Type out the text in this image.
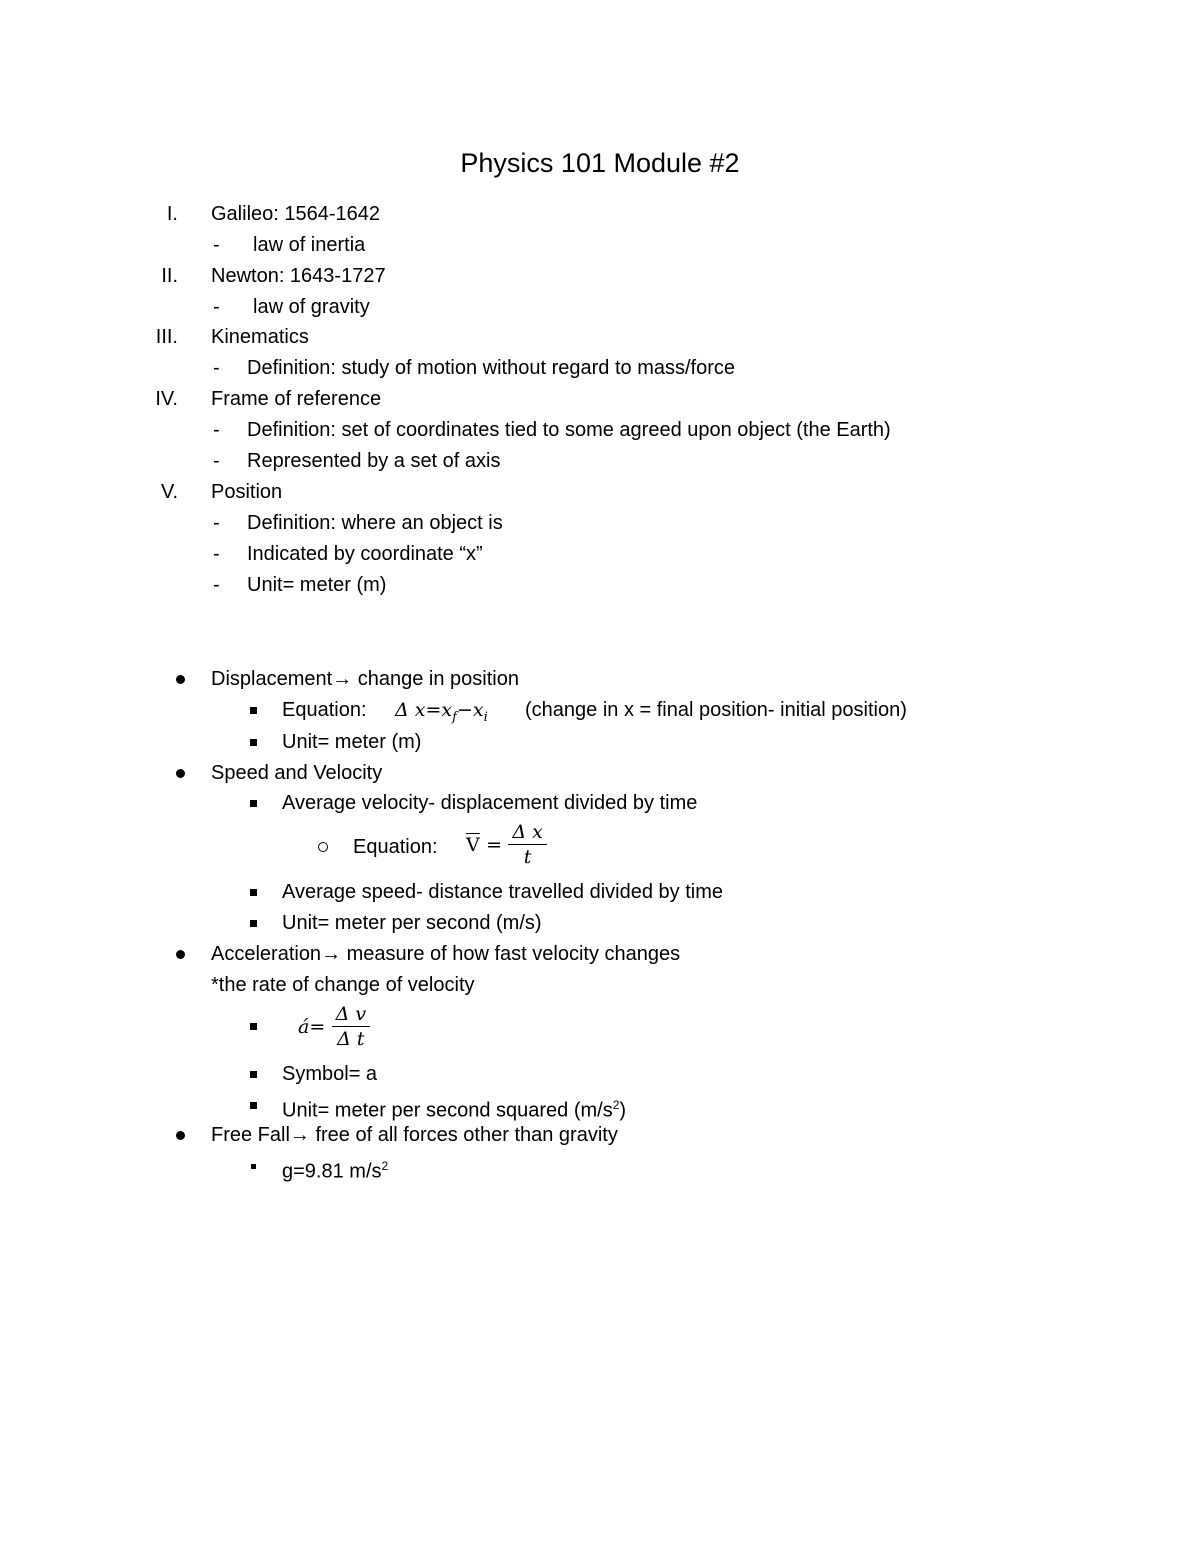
Physics 101 Module #2
I. Galileo: 1564-1642
- law of inertia
II. Newton: 1643-1727
- law of gravity
III. Kinematics
- Definition: study of motion without regard to mass/force
IV. Frame of reference
- Definition: set of coordinates tied to some agreed upon object (the Earth)
- Represented by a set of axis
V. Position
- Definition: where an object is
- Indicated by coordinate “x”
- Unit= meter (m)
Displacement→ change in position
Equation: Δ $x=x_f-x_i$ (change in x = final position- initial position)
Unit= meter (m)
Speed and Velocity
Average velocity- displacement divided by time
Equation: $\overline{V} = \frac{\text{Δ x}}{t}$
Average speed- distance travelled divided by time
Unit= meter per second (m/s)
Acceleration→ measure of how fast velocity changes
*the rate of change of velocity
á= $\frac{\text{Δ v}}{\text{Δ t}}$
Symbol= a
Unit= meter per second squared $(m/s^2)$
Free Fall→ free of all forces other than gravity
g=9.81 $m/s^2$
